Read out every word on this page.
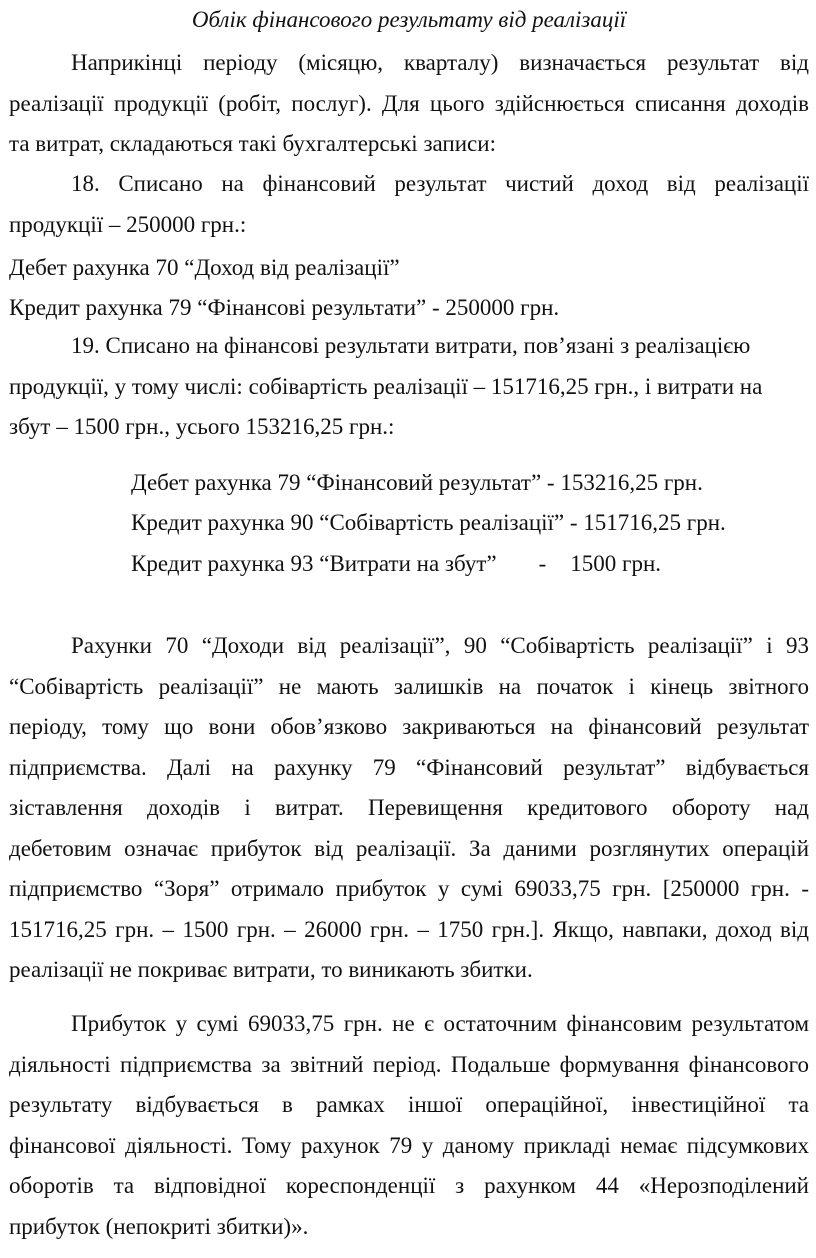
Облік фінансового результату від реалізації
Наприкінці періоду (місяцю, кварталу) визначається результат від
реалізації продукції (робіт, послуг). Для цього здійснюється списання доходів
та витрат, складаються такі бухгалтерські записи:
18. Списано на фінансовий результат чистий доход від реалізації
продукції – 250000 грн.:

Дебет рахунка 70 “Доход від реалізації”

Кредит рахунка 79 “Фінансові результати” - 250000 грн.

19. Списано на фінансові результати витрати, пов’язані з реалізацією
продукції, у тому числі: собівартість реалізації – 151716,25 грн., і витрати на
збут – 1500 грн., усього 153216,25 грн.:

Дебет рахунка 79 “Фінансовий результат” - 153216,25 грн.

Кредит рахунка 90 “Собівартість реалізації” - 151716,25 грн.

Кредит рахунка 93 “Витрати на збут” - 1500 грн.

Рахунки 70 “Доходи від реалізації”, 90 “Собівартість реалізації” і 93
“Собівартість реалізації” не мають залишків на початок і кінець звітного
періоду, тому що вони обов’язково закриваються на фінансовий результат
підприємства. Далі на рахунку 79 “Фінансовий результат” відбувається
зіставлення доходів і витрат. Перевищення кредитового обороту над
дебетовим означає прибуток від реалізації. За даними розглянутих операцій
підприємство “Зоря” отримало прибуток у сумі 69033,75 грн. [250000 грн. -
151716,25 грн. – 1500 грн. – 26000 грн. – 1750 грн.]. Якщо, навпаки, доход від
реалізації не покриває витрати, то виникають збитки.
Прибуток у сумі 69033,75 грн. не є остаточним фінансовим результатом
діяльності підприємства за звітний період. Подальше формування фінансового
результату відбувається в рамках іншої операційної, інвестиційної та
фінансової діяльності. Тому рахунок 79 у даному прикладі немає підсумкових
оборотів та відповідної кореспонденції з рахунком 44 «Нерозподілений
прибуток (непокриті збитки)».
